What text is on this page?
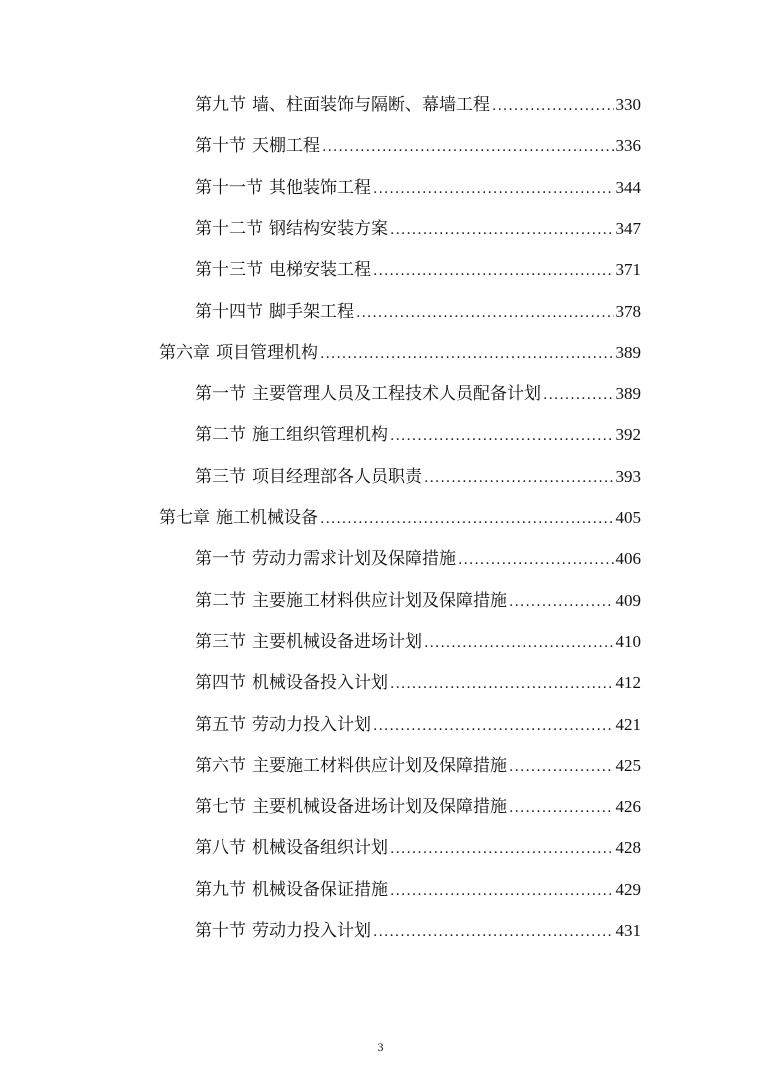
第九节 墙、柱面装饰与隔断、幕墙工程 .....	330
第十节 天棚工程 .....	336
第十一节 其他装饰工程 .....	344
第十二节 钢结构安装方案 .....	347
第十三节 电梯安装工程 .....	371
第十四节 脚手架工程 .....	378
第六章 项目管理机构 .....	389
第一节 主要管理人员及工程技术人员配备计划 .....	389
第二节 施工组织管理机构 .....	392
第三节 项目经理部各人员职责 .....	393
第七章 施工机械设备 .....	405
第一节 劳动力需求计划及保障措施 .....	406
第二节 主要施工材料供应计划及保障措施 .....	409
第三节 主要机械设备进场计划 .....	410
第四节 机械设备投入计划 .....	412
第五节 劳动力投入计划 .....	421
第六节 主要施工材料供应计划及保障措施 .....	425
第七节 主要机械设备进场计划及保障措施 .....	426
第八节 机械设备组织计划 .....	428
第九节 机械设备保证措施 .....	429
第十节 劳动力投入计划 .....	431
3
